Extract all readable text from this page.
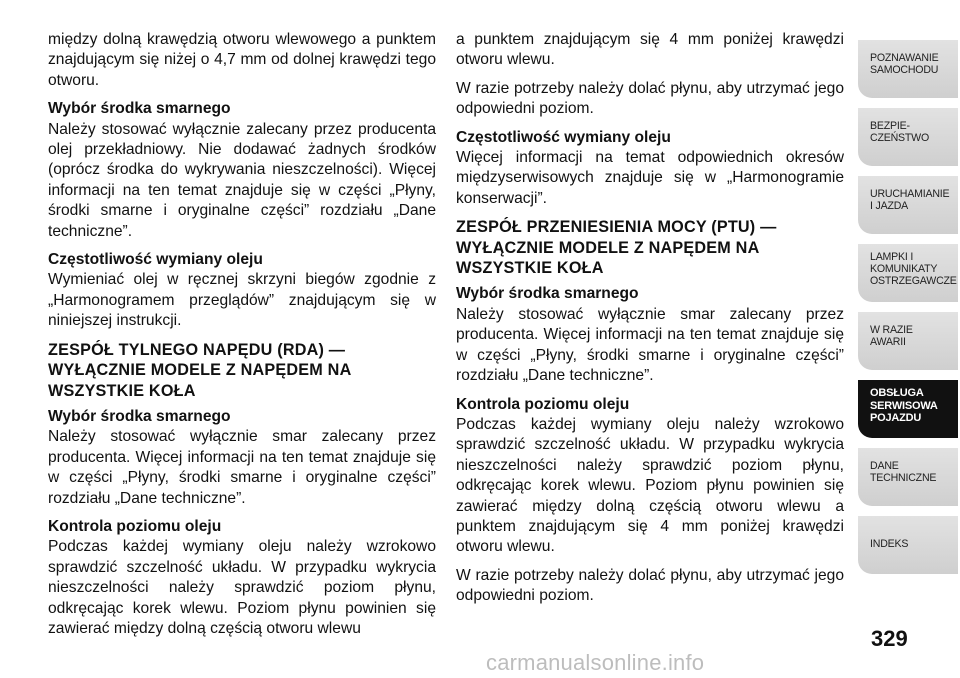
między dolną krawędzią otworu wlewowego a punktem znajdującym się niżej o 4,7 mm od dolnej krawędzi tego otworu.

Wybór środka smarnego

Należy stosować wyłącznie zalecany przez producenta olej przekładniowy. Nie dodawać żadnych środków (oprócz środka do wykrywania nieszczelności). Więcej informacji na ten temat znajduje się w części „Płyny, środki smarne i oryginalne części” rozdziału „Dane techniczne”.

Częstotliwość wymiany oleju

Wymieniać olej w ręcznej skrzyni biegów zgodnie z „Harmonogramem przeglądów” znajdującym się w niniejszej instrukcji.

ZESPÓŁ TYLNEGO NAPĘDU (RDA) — WYŁĄCZNIE MODELE Z NAPĘDEM NA WSZYSTKIE KOŁA

Wybór środka smarnego

Należy stosować wyłącznie smar zalecany przez producenta. Więcej informacji na ten temat znajduje się w części „Płyny, środki smarne i oryginalne części” rozdziału „Dane techniczne”.

Kontrola poziomu oleju

Podczas każdej wymiany oleju należy wzrokowo sprawdzić szczelność układu. W przypadku wykrycia nieszczelności należy sprawdzić poziom płynu, odkręcając korek wlewu. Poziom płynu powinien się zawierać między dolną częścią otworu wlewu

a punktem znajdującym się 4 mm poniżej krawędzi otworu wlewu.

W razie potrzeby należy dolać płynu, aby utrzymać jego odpowiedni poziom.

Częstotliwość wymiany oleju

Więcej informacji na temat odpowiednich okresów międzyserwisowych znajduje się w „Harmonogramie konserwacji”.

ZESPÓŁ PRZENIESIENIA MOCY (PTU) — WYŁĄCZNIE MODELE Z NAPĘDEM NA WSZYSTKIE KOŁA

Wybór środka smarnego

Należy stosować wyłącznie smar zalecany przez producenta. Więcej informacji na ten temat znajduje się w części „Płyny, środki smarne i oryginalne części” rozdziału „Dane techniczne”.

Kontrola poziomu oleju

Podczas każdej wymiany oleju należy wzrokowo sprawdzić szczelność układu. W przypadku wykrycia nieszczelności należy sprawdzić poziom płynu, odkręcając korek wlewu. Poziom płynu powinien się zawierać między dolną częścią otworu wlewu a punktem znajdującym się 4 mm poniżej krawędzi otworu wlewu.

W razie potrzeby należy dolać płynu, aby utrzymać jego odpowiedni poziom.

POZNAWANIE
SAMOCHODU
BEZPIE-
CZEŃSTWO
URUCHAMIANIE
I JAZDA
LAMPKI I
KOMUNIKATY
OSTRZEGAWCZE
W RAZIE
AWARII
OBSŁUGA
SERWISOWA
POJAZDU
DANE
TECHNICZNE
INDEKS
329
carmanualsonline.info
